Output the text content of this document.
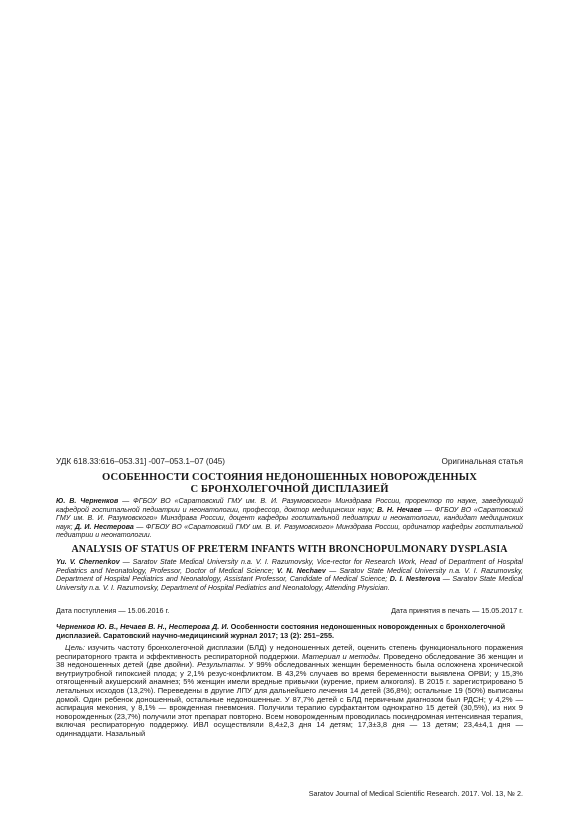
УДК 618.33:616–053.31] -007–053.1–07 (045)	Оригинальная статья
ОСОБЕННОСТИ СОСТОЯНИЯ НЕДОНОШЕННЫХ НОВОРОЖДЕННЫХ
С БРОНХОЛЕГОЧНОЙ ДИСПЛАЗИЕЙ
Ю. В. Черненков — ФГБОУ ВО «Саратовский ГМУ им. В. И. Разумовского» Минздрава России, проректор по науке, заведующий кафедрой госпитальной педиатрии и неонатологии, профессор, доктор медицинских наук; В. Н. Нечаев — ФГБОУ ВО «Саратовский ГМУ им. В. И. Разумовского» Минздрава России, доцент кафедры госпитальной педиатрии и неонатологии, кандидат медицинских наук; Д. И. Нестерова — ФГБОУ ВО «Саратовский ГМУ им. В. И. Разумовского» Минздрава России, ординатор кафедры госпитальной педиатрии и неонатологии.
ANALYSIS OF STATUS OF PRETERM INFANTS WITH BRONCHOPULMONARY DYSPLASIA
Yu. V. Chernenkov — Saratov State Medical University n.a. V. I. Razumovsky, Vice-rector for Research Work, Head of Department of Hospital Pediatrics and Neonatology, Professor, Doctor of Medical Science; V. N. Nechaev — Saratov State Medical University n.a. V. I. Razumovsky, Department of Hospital Pediatrics and Neonatology, Assistant Professor, Candidate of Medical Science; D. I. Nesterova — Saratov State Medical University n.a. V. I. Razumovsky, Department of Hospital Pediatrics and Neonatology, Attending Physician.
Дата поступления — 15.06.2016 г.	Дата принятия в печать — 15.05.2017 г.
Черненков Ю. В., Нечаев В. Н., Нестерова Д. И. Особенности состояния недоношенных новорожденных с бронхолегочной дисплазией. Саратовский научно-медицинский журнал 2017; 13 (2): 251–255.

Цель: изучить частоту бронхолегочной дисплазии (БЛД) у недоношенных детей, оценить степень функционального поражения респираторного тракта и эффективность респираторной поддержки. Материал и методы. Проведено обследование 36 женщин и 38 недоношенных детей (две двойни). Результаты. У 99% обследованных женщин беременность была осложнена хронической внутриутробной гипоксией плода; у 2,1% резус-конфликтом. В 43,2% случаев во время беременности выявлена ОРВИ; у 15,3% отягощенный акушерский анамнез; 5% женщин имели вредные привычки (курение, прием алкоголя). В 2015 г. зарегистрировано 5 летальных исходов (13,2%). Переведены в другие ЛПУ для дальнейшего лечения 14 детей (36,8%); остальные 19 (50%) выписаны домой. Один ребенок доношенный, остальные недоношенные. У 87,7% детей с БЛД первичным диагнозом был РДСН; у 4,2% — аспирация мекония, у 8,1% — врожденная пневмония. Получили терапию сурфактантом однократно 15 детей (30,5%), из них 9 новорожденных (23,7%) получили этот препарат повторно. Всем новорожденным проводилась посиндромная интенсивная терапия, включая респираторную поддержку. ИВЛ осуществляли 8,4±2,3 дня 14 детям; 17,3±3,8 дня — 13 детям; 23,4±4,1 дня — одиннадцати. Назальный

Saratov Journal of Medical Scientific Research. 2017. Vol. 13, № 2.
